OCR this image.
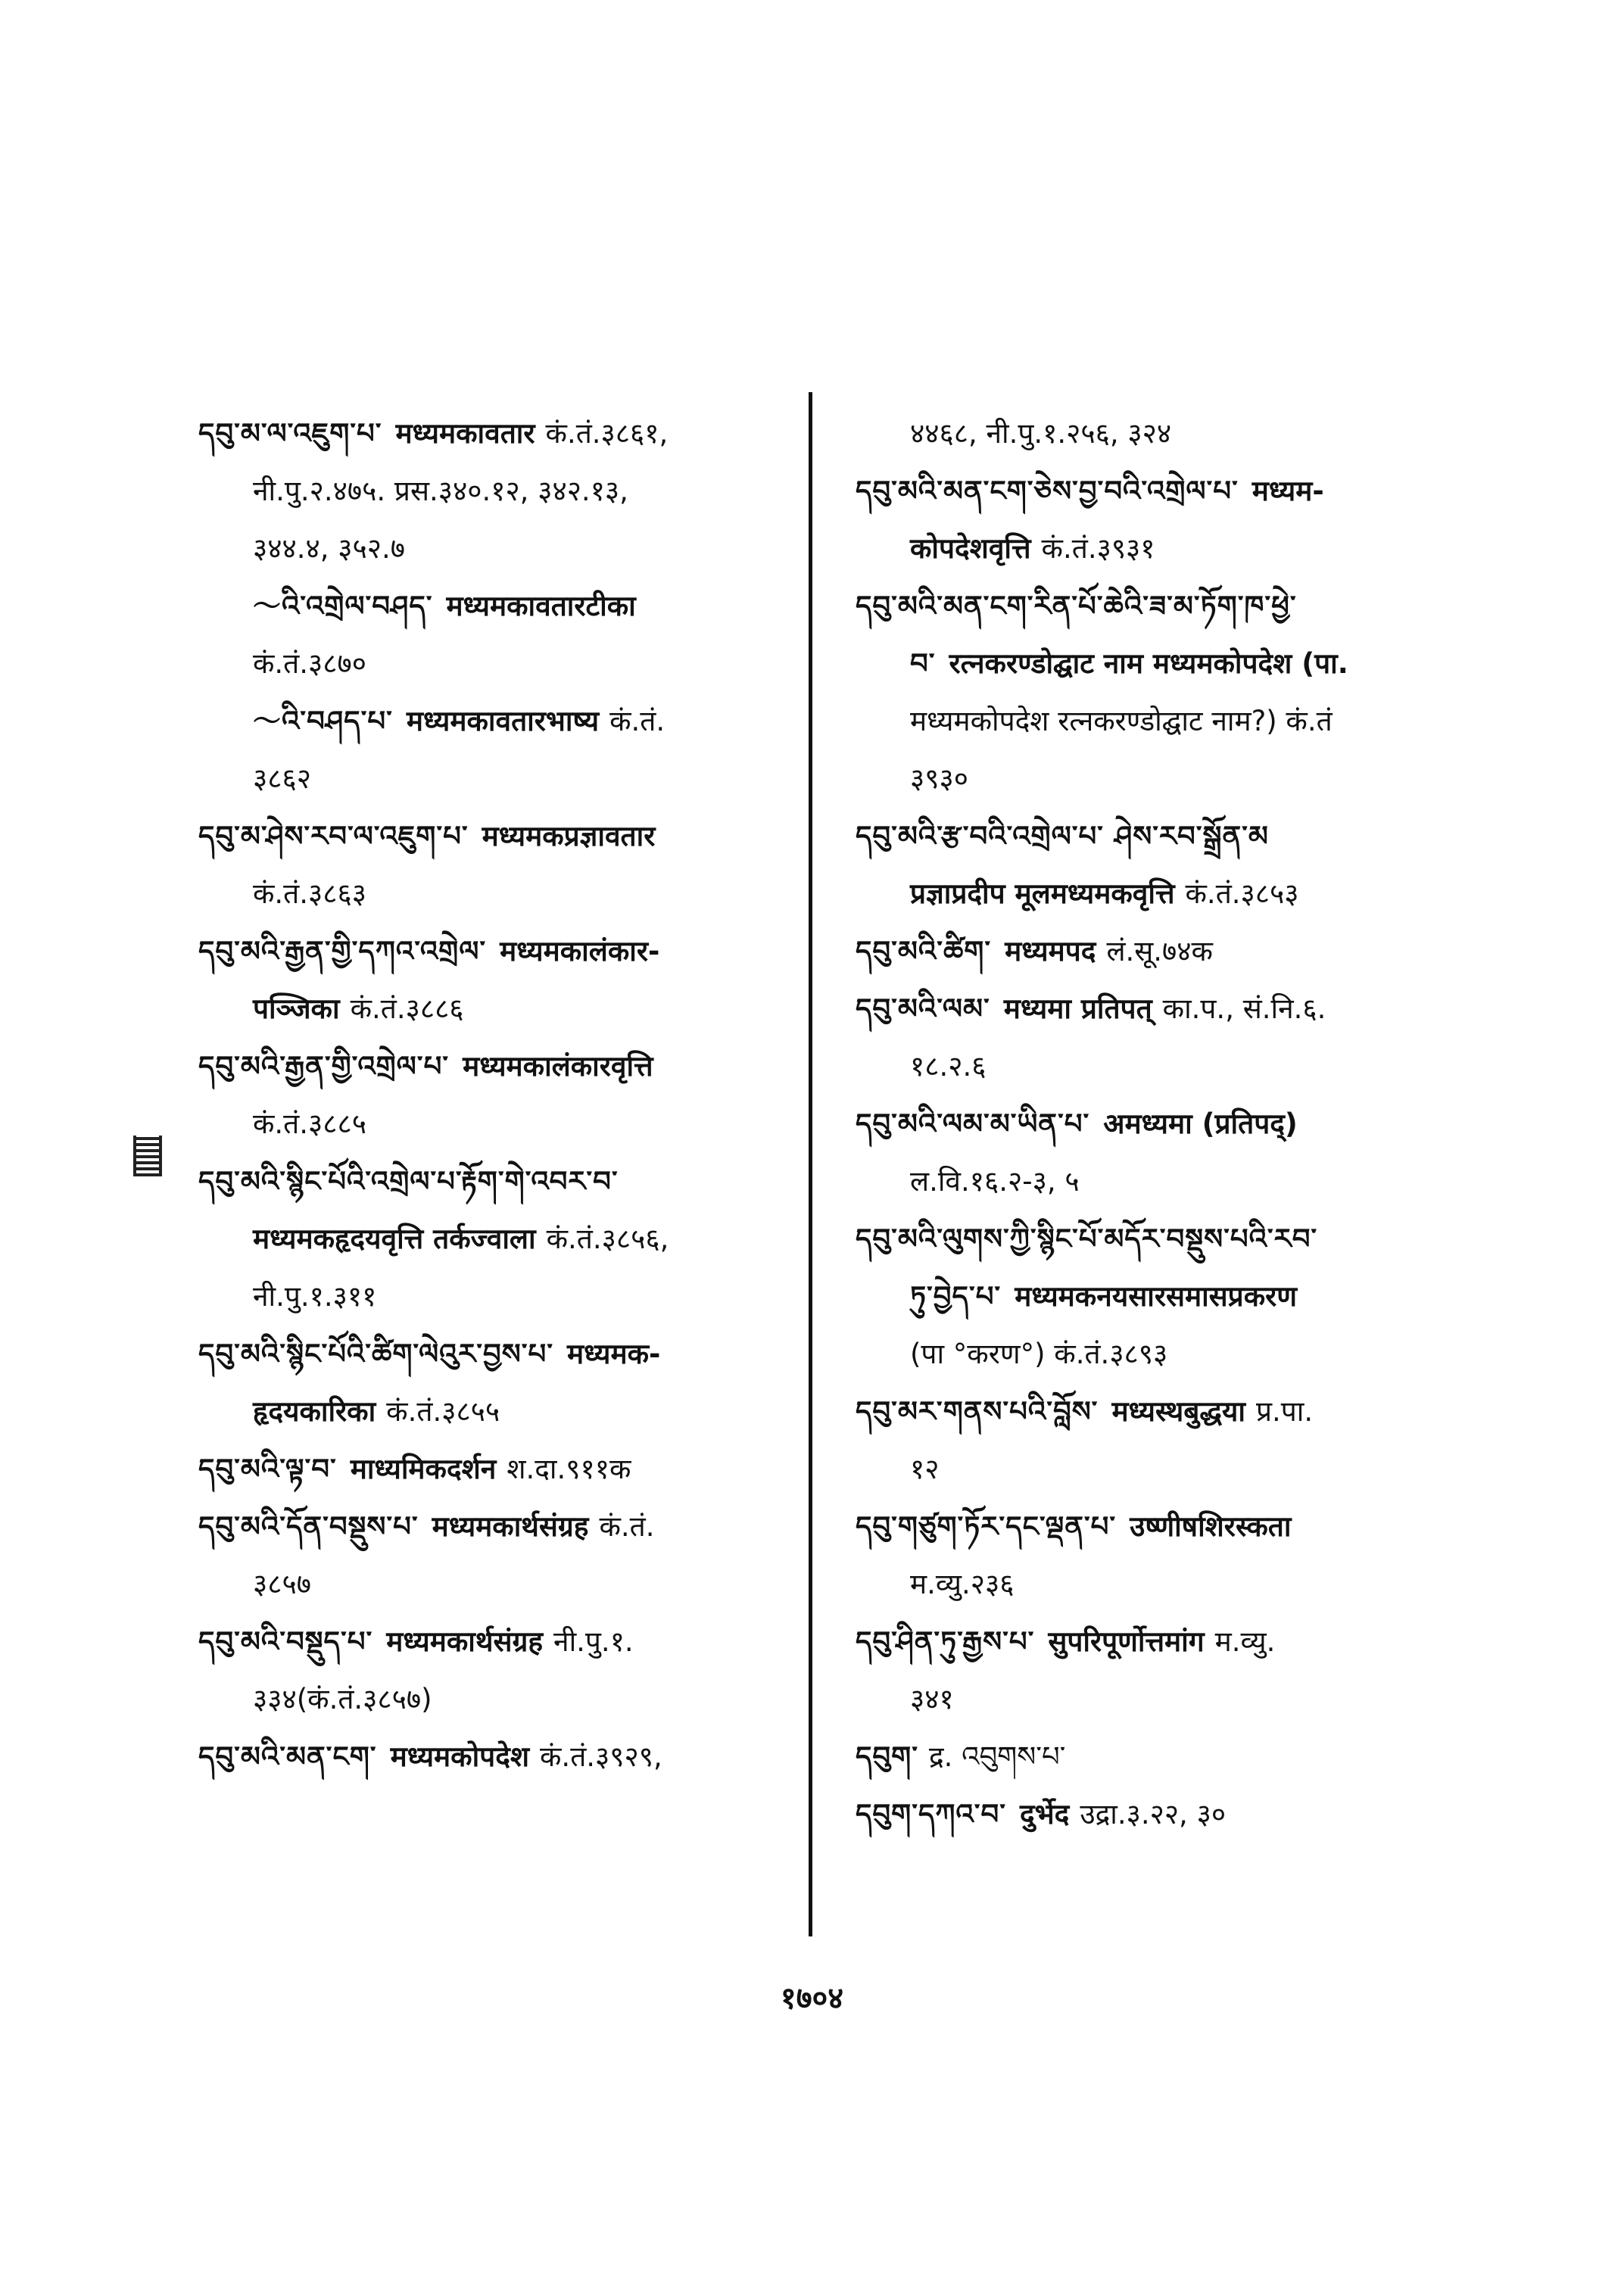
དབུ་མ་ལ་འཇུག་པ་ मध्यमकावतार कं.तं.३८६१,
नी.पु.२.४७५. प्रस.३४०.१२, ३४२.१३,
३४४.४, ३५२.७
～འི་འགྲེལ་བཤད་ मध्यमकावतारटीका
कं.तं.३८७०
～འི་བཤད་པ་ मध्यमकावतारभाष्य कं.तं.
३८६२
དབུ་མ་ཤེས་རབ་ལ་འཇུག་པ་ मध्यमकप्रज्ञावतार
कं.तं.३८६३
དབུ་མའི་རྒྱན་གྱི་དཀའ་འགྲེལ་ मध्यमकालंकार-
पञ्जिका कं.तं.३८८६
དབུ་མའི་རྒྱན་གྱི་འགྲེལ་པ་ मध्यमकालंकारवृत्ति
कं.तं.३८८५
དབུ་མའི་སྙིང་པོའི་འགྲེལ་པ་རྟོག་གེ་འབར་བ་
मध्यमकहृदयवृत्ति तर्कज्वाला कं.तं.३८५६,
नी.पु.१.३११
དབུ་མའི་སྙིང་པོའི་ཚིག་ལེའུར་བྱས་པ་ मध्यमक-
हृदयकारिका कं.तं.३८५५
དབུ་མའི་ལྟ་བ་ माध्यमिकदर्शन श.दा.९११क
དབུ་མའི་དོན་བསྡུས་པ་ मध्यमकार्थसंग्रह कं.तं.
३८५७
དབུ་མའི་བསྡུད་པ་ मध्यमकार्थसंग्रह नी.पु.१.
३३४(कं.तं.३८५७)
དབུ་མའི་མན་ངག་ मध्यमकोपदेश कं.तं.३९२९,
४४६८, नी.पु.१.२५६, ३२४
དབུ་མའི་མན་ངག་ཅེས་བྱ་བའི་འགྲེལ་པ་ मध्यम-
कोपदेशवृत्ति कं.तं.३९३१
དབུ་མའི་མན་ངག་རིན་པོ་ཆེའི་ཟ་མ་ཏོག་ཁ་ཕྱེ་
བ་ रत्नकरण्डोद्घाट नाम मध्यमकोपदेश (पा.
मध्यमकोपदेश रत्नकरण्डोद्घाट नाम?) कं.तं
३९३०
དབུ་མའི་རྩ་བའི་འགྲེལ་པ་ ཤེས་རབ་སྒྲོན་མ
प्रज्ञाप्रदीप मूलमध्यमकवृत्ति कं.तं.३८५३
དབུ་མའི་ཚིག་ मध्यमपद लं.सू.७४क
དབུ་མའི་ལམ་ मध्यमा प्रतिपत् का.प., सं.नि.६.
१८.२.६
དབུ་མའི་ལམ་མ་ཡིན་པ་ अमध्यमा (प्रतिपद्)
ल.वि.१६.२-३, ५
དབུ་མའི་ལུགས་ཀྱི་སྙིང་པོ་མདོར་བསྡུས་པའི་རབ་
ཏུ་བྱེད་པ་ मध्यमकनयसारसमासप्रकरण
(पा °करण°) कं.तं.३८९३
དབུ་མར་གནས་པའི་བློས་ मध्यस्थबुद्धया प्र.पा.
१२
དབུ་གཙུག་ཏོར་དང་ལྡན་པ་ उष्णीषशिरस्कता
म.व्यु.२३६
དབུ་ཤིན་ཏུ་རྒྱས་པ་ सुपरिपूर्णोत्तमांग म.व्यु.
३४१
དབུག་ द्र. འབུགས་པ་
དབུག་དཀའ་བ་ दुर्भेद उद्रा.३.२२, ३०
१७०४
